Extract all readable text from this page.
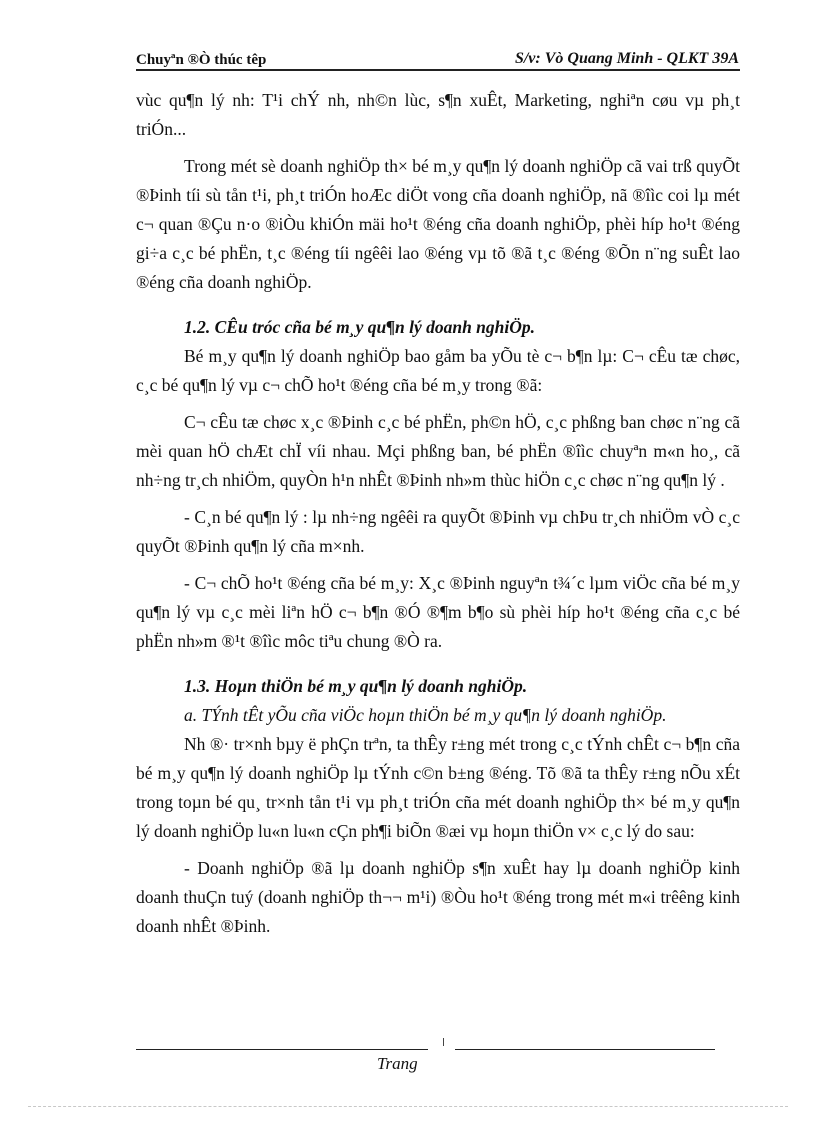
Chuyªn ®Ò thúc têp	S/v: Vò Quang Minh - QLKT 39A

vùc qu¶n lý nh: T¹i chÝ nh, nh©n lùc, s¶n xuÊt, Marketing, nghiªn cøu vµ ph¸t triÓn...

Trong mét sè doanh nghiÖp th× bé m¸y qu¶n lý doanh nghiÖp cã vai trß quyÕt ®Þinh tíi sù tån t¹i, ph¸t triÓn hoÆc diÖt vong cña doanh nghiÖp, nã ®îìc coi lµ mét c¬ quan ®Çu n·o ®iÒu khiÓn mäi ho¹t ®éng cña doanh nghiÖp, phèi híp ho¹t ®éng gi÷a c¸c bé phËn, t¸c ®éng tíi ngêêi lao ®éng vµ tõ ®ã t¸c ®éng ®Õn n¨ng suÊt lao ®éng cña doanh nghiÖp.

1.2. CÊu tróc cña bé m¸y qu¶n lý doanh nghiÖp.

Bé m¸y qu¶n lý doanh nghiÖp bao gåm ba yÕu tè c¬ b¶n lµ: C¬ cÊu tæ chøc, c¸c bé qu¶n lý vµ c¬ chÕ ho¹t ®éng cña bé m¸y trong ®ã:

C¬ cÊu tæ chøc x¸c ®Þinh c¸c bé phËn, ph©n hÖ, c¸c phßng ban chøc n¨ng cã mèi quan hÖ chÆt chÏ víi nhau. Mçi phßng ban, bé phËn ®îìc chuyªn m«n ho¸, cã nh÷ng tr¸ch nhiÖm, quyÒn h¹n nhÊt ®Þinh nh»m thùc hiÖn c¸c chøc n¨ng qu¶n lý .

- C¸n bé qu¶n lý : lµ nh÷ng ngêêi ra quyÕt ®Þinh vµ chÞu tr¸ch nhiÖm vÒ c¸c quyÕt ®Þinh qu¶n lý cña m×nh.

- C¬ chÕ ho¹t ®éng cña bé m¸y: X¸c ®Þinh nguyªn t¾´c lµm viÖc cña bé m¸y qu¶n lý vµ c¸c mèi liªn hÖ c¬ b¶n ®Ó ®¶m b¶o sù phèi híp ho¹t ®éng cña c¸c bé phËn nh»m ®¹t ®îìc môc tiªu chung ®Ò ra.

1.3. Hoµn thiÖn bé m¸y qu¶n lý doanh nghiÖp.

a. TÝnh tÊt yÕu cña viÖc hoµn thiÖn bé m¸y qu¶n lý doanh nghiÖp.

Nh ®· tr×nh bµy ë phÇn trªn, ta thÊy r±ng mét trong c¸c tÝnh chÊt c¬ b¶n cña bé m¸y qu¶n lý doanh nghiÖp lµ tÝnh c©n b±ng ®éng. Tõ ®ã ta thÊy r±ng nÕu xÉt trong toµn bé qu¸ tr×nh tån t¹i vµ ph¸t triÓn cña mét doanh nghiÖp th× bé m¸y qu¶n lý doanh nghiÖp lu«n lu«n cÇn ph¶i biÕn ®æi vµ hoµn thiÖn v× c¸c lý do sau:

- Doanh nghiÖp ®ã lµ doanh nghiÖp s¶n xuÊt hay lµ doanh nghiÖp kinh doanh thuÇn tuý (doanh nghiÖp th¬¬ m¹i) ®Òu ho¹t ®éng trong mét m«i trêêng kinh doanh nhÊt ®Þinh.

Trang
